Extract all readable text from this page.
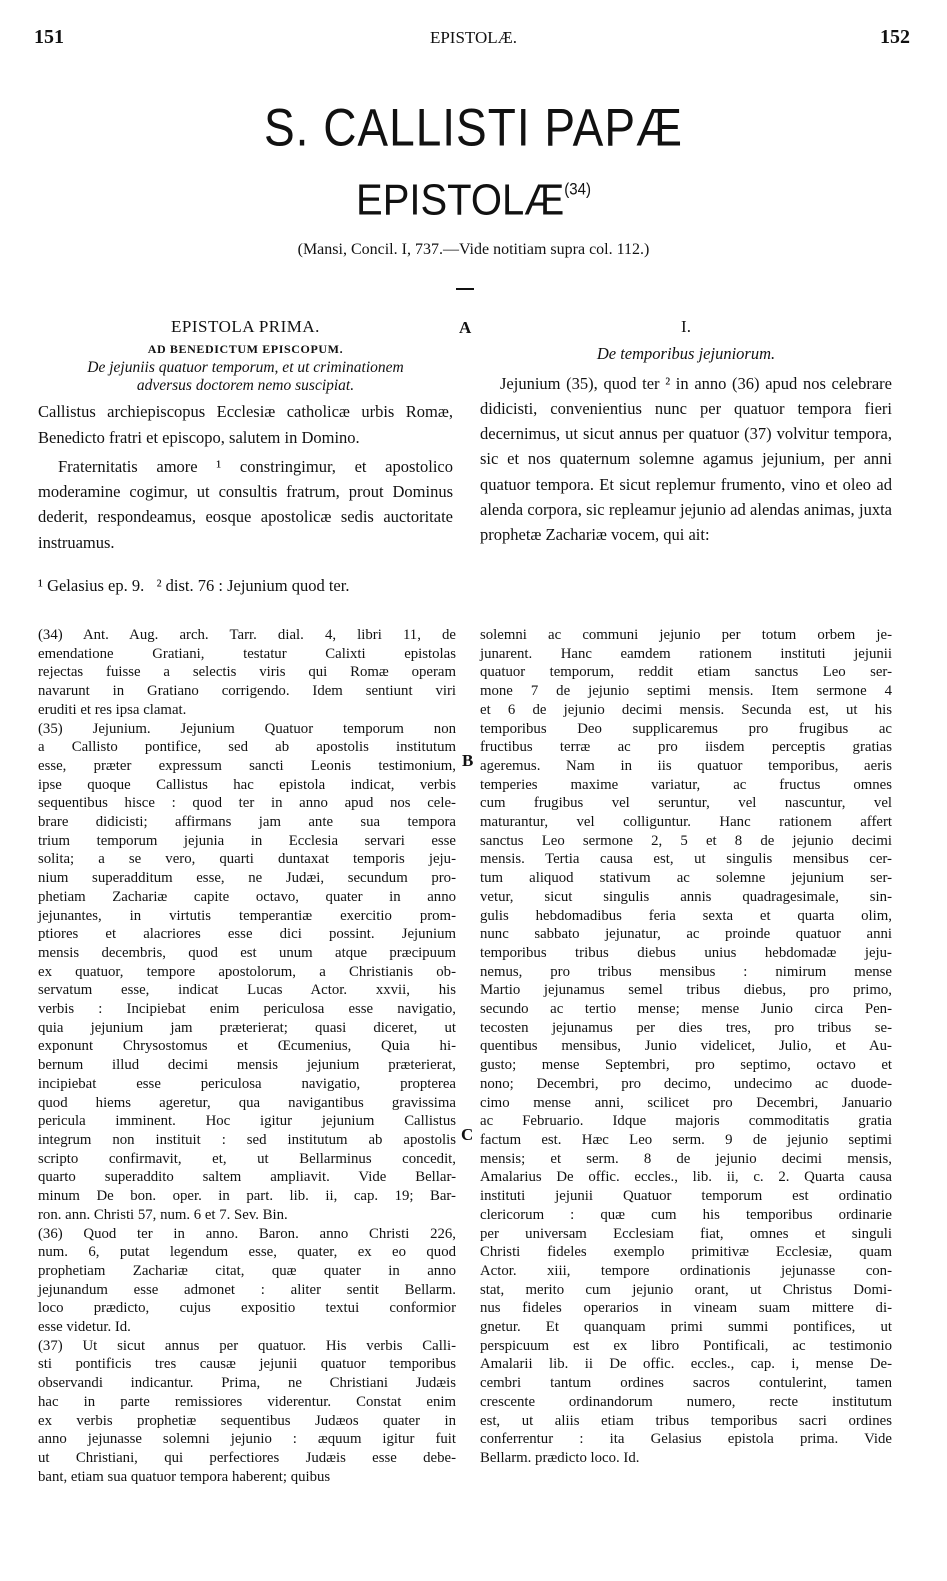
151	EPISTOLÆ.	152
S. CALLISTI PAPÆ
EPISTOLÆ$^{(34)}$
(Mansi, Concil. I, 737.—Vide notitiam supra col. 112.)
A
B
C
EPISTOLA PRIMA.
AD BENEDICTUM EPISCOPUM.
De jejuniis quatuor temporum, et ut criminationem
adversus doctorem nemo suscipiat.

Callistus archiepiscopus Ecclesiæ catholicæ urbis Romæ, Benedicto fratri et episcopo, salutem in Domino.

Fraternitatis amore ¹ constringimur, et apostolico moderamine cogimur, ut consultis fratrum, prout Dominus dederit, respondeamus, eosque apostolicæ sedis auctoritate instruamus.

¹ Gelasius ep. 9.   ² dist. 76 : Jejunium quod ter.

I.
De temporibus jejuniorum.

Jejunium (35), quod ter ² in anno (36) apud nos celebrare didicisti, convenientius nunc per quatuor tempora fieri decernimus, ut sicut annus per quatuor (37) volvitur tempora, sic et nos quaternum solemne agamus jejunium, per anni quatuor tempora. Et sicut replemur frumento, vino et oleo ad alenda corpora, sic repleamur jejunio ad alendas animas, juxta prophetæ Zachariæ vocem, qui ait:

(34) Ant. Aug. arch. Tarr. dial. 4, libri 11, de
emendatione Gratiani, testatur Calixti epistolas
rejectas fuisse a selectis viris qui Romæ operam
navarunt in Gratiano corrigendo. Idem sentiunt viri
eruditi et res ipsa clamat.
(35) Jejunium. Jejunium Quatuor temporum non
a Callisto pontifice, sed ab apostolis institutum
esse, præter expressum sancti Leonis testimonium,
ipse quoque Callistus hac epistola indicat, verbis
sequentibus hisce : quod ter in anno apud nos cele-
brare didicisti; affirmans jam ante sua tempora
trium temporum jejunia in Ecclesia servari esse
solita; a se vero, quarti duntaxat temporis jeju-
nium superadditum esse, ne Judæi, secundum pro-
phetiam Zachariæ capite octavo, quater in anno
jejunantes, in virtutis temperantiæ exercitio prom-
ptiores et alacriores esse dici possint. Jejunium
mensis decembris, quod est unum atque præcipuum
ex quatuor, tempore apostolorum, a Christianis ob-
servatum esse, indicat Lucas Actor. xxvii, his
verbis : Incipiebat enim periculosa esse navigatio,
quia jejunium jam præterierat; quasi diceret, ut
exponunt Chrysostomus et Œcumenius, Quia hi-
bernum illud decimi mensis jejunium præterierat,
incipiebat esse periculosa navigatio, propterea
quod hiems ageretur, qua navigantibus gravissima
pericula imminent. Hoc igitur jejunium Callistus
integrum non instituit : sed institutum ab apostolis
scripto confirmavit, et, ut Bellarminus concedit,
quarto superaddito saltem ampliavit. Vide Bellar-
minum De bon. oper. in part. lib. ii, cap. 19; Bar-
ron. ann. Christi 57, num. 6 et 7. Sev. Bin.
(36) Quod ter in anno. Baron. anno Christi 226,
num. 6, putat legendum esse, quater, ex eo quod
prophetiam Zachariæ citat, quæ quater in anno
jejunandum esse admonet : aliter sentit Bellarm.
loco prædicto, cujus expositio textui conformior
esse videtur. Id.
(37) Ut sicut annus per quatuor. His verbis Calli-
sti pontificis tres causæ jejunii quatuor temporibus
observandi indicantur. Prima, ne Christiani Judæis
hac in parte remissiores viderentur. Constat enim
ex verbis prophetiæ sequentibus Judæos quater in
anno jejunasse solemni jejunio : æquum igitur fuit
ut Christiani, qui perfectiores Judæis esse debe-
bant, etiam sua quatuor tempora haberent; quibus
solemni ac communi jejunio per totum orbem je-
junarent. Hanc eamdem rationem instituti jejunii
quatuor temporum, reddit etiam sanctus Leo ser-
mone 7 de jejunio septimi mensis. Item sermone 4
et 6 de jejunio decimi mensis. Secunda est, ut his
temporibus Deo supplicaremus pro frugibus ac
fructibus terræ ac pro iisdem perceptis gratias
ageremus. Nam in iis quatuor temporibus, aeris
temperies maxime variatur, ac fructus omnes
cum frugibus vel seruntur, vel nascuntur, vel
maturantur, vel colliguntur. Hanc rationem affert
sanctus Leo sermone 2, 5 et 8 de jejunio decimi
mensis. Tertia causa est, ut singulis mensibus cer-
tum aliquod stativum ac solemne jejunium ser-
vetur, sicut singulis annis quadragesimale, sin-
gulis hebdomadibus feria sexta et quarta olim,
nunc sabbato jejunatur, ac proinde quatuor anni
temporibus tribus diebus unius hebdomadæ jeju-
nemus, pro tribus mensibus : nimirum mense
Martio jejunamus semel tribus diebus, pro primo,
secundo ac tertio mense; mense Junio circa Pen-
tecosten jejunamus per dies tres, pro tribus se-
quentibus mensibus, Junio videlicet, Julio, et Au-
gusto; mense Septembri, pro septimo, octavo et
nono; Decembri, pro decimo, undecimo ac duode-
cimo mense anni, scilicet pro Decembri, Januario
ac Februario. Idque majoris commoditatis gratia
factum est. Hæc Leo serm. 9 de jejunio septimi
mensis; et serm. 8 de jejunio decimi mensis,
Amalarius De offic. eccles., lib. ii, c. 2. Quarta causa
instituti jejunii Quatuor temporum est ordinatio
clericorum : quæ cum his temporibus ordinarie
per universam Ecclesiam fiat, omnes et singuli
Christi fideles exemplo primitivæ Ecclesiæ, quam
Actor. xiii, tempore ordinationis jejunasse con-
stat, merito cum jejunio orant, ut Christus Domi-
nus fideles operarios in vineam suam mittere di-
gnetur. Et quanquam primi summi pontifices, ut
perspicuum est ex libro Pontificali, ac testimonio
Amalarii lib. ii De offic. eccles., cap. i, mense De-
cembri tantum ordines sacros contulerint, tamen
crescente ordinandorum numero, recte institutum
est, ut aliis etiam tribus temporibus sacri ordines
conferrentur : ita Gelasius epistola prima. Vide
Bellarm. prædicto loco. Id.
